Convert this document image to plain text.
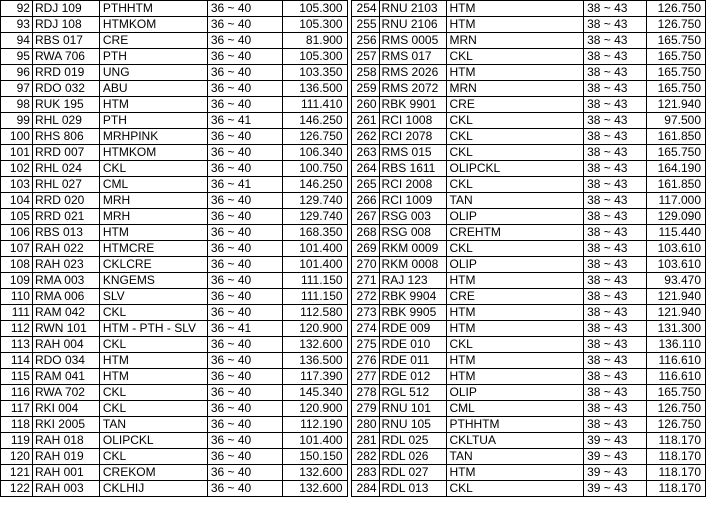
92	RDJ 109	PTHHTM	36 ~ 40	105.300		254	RNU 2103	HTM	38 ~ 43	126.750
93	RDJ 108	HTMKOM	36 ~ 40	105.300		255	RNU 2106	HTM	38 ~ 43	126.750
94	RBS 017	CRE	36 ~ 40	81.900		256	RMS 0005	MRN	38 ~ 43	165.750
95	RWA 706	PTH	36 ~ 40	105.300		257	RMS 017	CKL	38 ~ 43	165.750
96	RRD 019	UNG	36 ~ 40	103.350		258	RMS 2026	HTM	38 ~ 43	165.750
97	RDO 032	ABU	36 ~ 40	136.500		259	RMS 2072	MRN	38 ~ 43	165.750
98	RUK 195	HTM	36 ~ 40	111.410		260	RBK 9901	CRE	38 ~ 43	121.940
99	RHL 029	PTH	36 ~ 41	146.250		261	RCI 1008	CKL	38 ~ 43	97.500
100	RHS 806	MRHPINK	36 ~ 40	126.750		262	RCI 2078	CKL	38 ~ 43	161.850
101	RRD 007	HTMKOM	36 ~ 40	106.340		263	RMS 015	CKL	38 ~ 43	165.750
102	RHL 024	CKL	36 ~ 40	100.750		264	RBS 1611	OLIPCKL	38 ~ 43	164.190
103	RHL 027	CML	36 ~ 41	146.250		265	RCI 2008	CKL	38 ~ 43	161.850
104	RRD 020	MRH	36 ~ 40	129.740		266	RCI 1009	TAN	38 ~ 43	117.000
105	RRD 021	MRH	36 ~ 40	129.740		267	RSG 003	OLIP	38 ~ 43	129.090
106	RBS 013	HTM	36 ~ 40	168.350		268	RSG 008	CREHTM	38 ~ 43	115.440
107	RAH 022	HTMCRE	36 ~ 40	101.400		269	RKM 0009	CKL	38 ~ 43	103.610
108	RAH 023	CKLCRE	36 ~ 40	101.400		270	RKM 0008	OLIP	38 ~ 43	103.610
109	RMA 003	KNGEMS	36 ~ 40	111.150		271	RAJ 123	HTM	38 ~ 43	93.470
110	RMA 006	SLV	36 ~ 40	111.150		272	RBK 9904	CRE	38 ~ 43	121.940
111	RAM 042	CKL	36 ~ 40	112.580		273	RBK 9905	HTM	38 ~ 43	121.940
112	RWN 101	HTM - PTH - SLV	36 ~ 41	120.900		274	RDE 009	HTM	38 ~ 43	131.300
113	RAH 004	CKL	36 ~ 40	132.600		275	RDE 010	CKL	38 ~ 43	136.110
114	RDO 034	HTM	36 ~ 40	136.500		276	RDE 011	HTM	38 ~ 43	116.610
115	RAM 041	HTM	36 ~ 40	117.390		277	RDE 012	HTM	38 ~ 43	116.610
116	RWA 702	CKL	36 ~ 40	145.340		278	RGL 512	OLIP	38 ~ 43	165.750
117	RKI 004	CKL	36 ~ 40	120.900		279	RNU 101	CML	38 ~ 43	126.750
118	RKI 2005	TAN	36 ~ 40	112.190		280	RNU 105	PTHHTM	38 ~ 43	126.750
119	RAH 018	OLIPCKL	36 ~ 40	101.400		281	RDL 025	CKLTUA	39 ~ 43	118.170
120	RAH 019	CKL	36 ~ 40	150.150		282	RDL 026	TAN	39 ~ 43	118.170
121	RAH 001	CREKOM	36 ~ 40	132.600		283	RDL 027	HTM	39 ~ 43	118.170
122	RAH 003	CKLHIJ	36 ~ 40	132.600		284	RDL 013	CKL	39 ~ 43	118.170
